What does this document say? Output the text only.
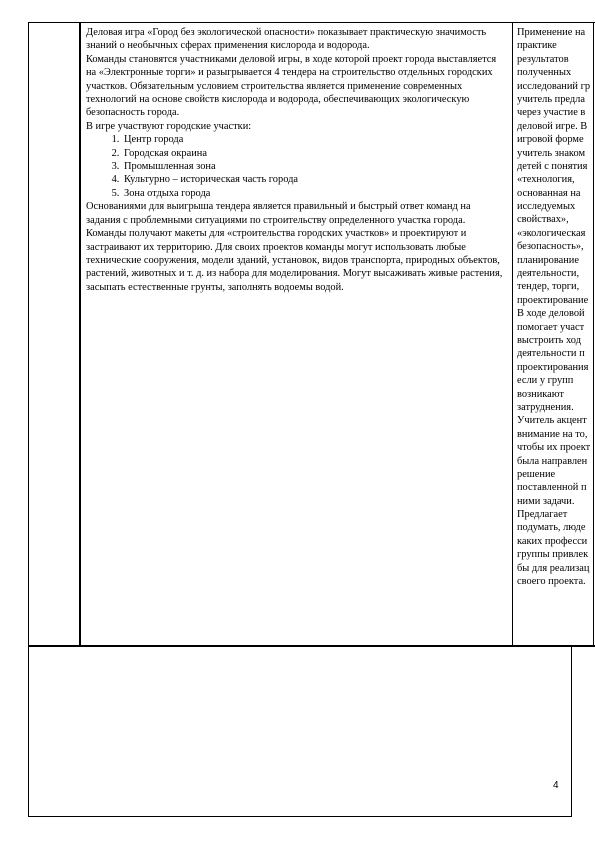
Деловая игра «Город без экологической опасности» показывает практическую значимость знаний о необычных сферах применения кислорода и водорода.

Команды становятся участниками деловой игры, в ходе которой проект города выставляется на «Электронные торги» и разыгрывается 4 тендера на строительство отдельных городских участков. Обязательным условием строительства является применение современных технологий на основе свойств кислорода и водорода, обеспечивающих экологическую безопасность города.

В игре участвуют городские участки:

1. Центр города
2. Городская окраина
3. Промышленная зона
4. Культурно – историческая часть города
5. Зона отдыха города

Основаниями для выигрыша тендера является правильный и быстрый ответ команд на задания с проблемными ситуациями по строительству определенного участка города.

Команды получают макеты для «строительства городских участков» и проектируют и застраивают их территорию. Для своих проектов команды могут использовать любые технические сооружения, модели зданий, установок, видов транспорта, природных объектов, растений, животных и т. д. из набора для моделирования. Могут высаживать живые растения, засыпать естественные грунты, заполнять водоемы водой.

Применение на
практике
результатов
полученных
исследований гр
учитель предла
через участие в
деловой игре. В
игровой форме
учитель знаком
детей с понятия
«технология,
основанная на
исследуемых
свойствах»,
«экологическая
безопасность»,
планирование
деятельности,
тендер, торги,
проектирование
В ходе деловой
помогает участ
выстроить ход
деятельности п
проектирования
если у групп
возникают
затруднения.
Учитель акцент
внимание на то,
чтобы их проект
была направлен
решение
поставленной п
ними задачи.
Предлагает
подумать, люде
каких професси
группы привлек
бы для реализац
своего проекта.
4
